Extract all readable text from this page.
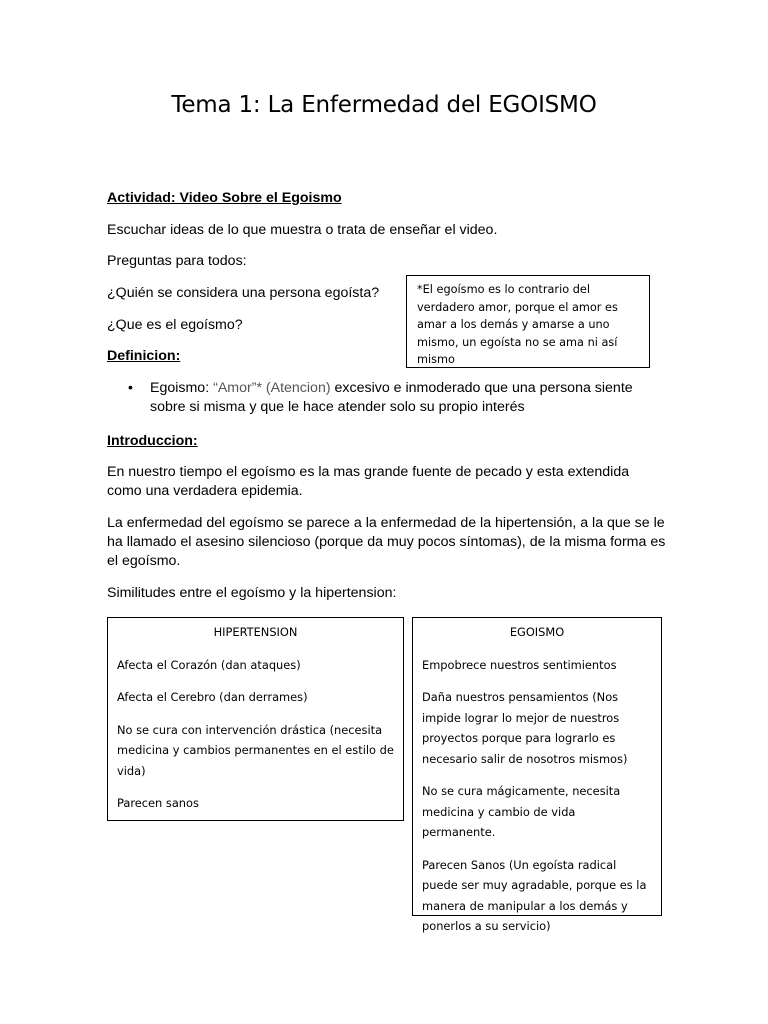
Tema 1: La Enfermedad del EGOISMO
Actividad: Video Sobre el Egoismo
Escuchar ideas de lo que muestra o trata de enseñar el video.
Preguntas para todos:
¿Quién se considera una persona egoísta?
¿Que es el egoísmo?
Definicion:
*El egoísmo es lo contrario del verdadero amor, porque el amor es amar a los demás y amarse a uno mismo, un egoísta no se ama ni así mismo
• Egoismo: “Amor”* (Atencion) excesivo e inmoderado que una persona siente sobre si misma y que le hace atender solo su propio interés
Introduccion:
En nuestro tiempo el egoísmo es la mas grande fuente de pecado y esta extendida como una verdadera epidemia.
La enfermedad del egoísmo se parece a la enfermedad de la hipertensión, a la que se le ha llamado el asesino silencioso (porque da muy pocos síntomas), de la misma forma es el egoísmo.
Similitudes entre el egoísmo y la hipertension:
HIPERTENSION
Afecta el Corazón (dan ataques)
Afecta el Cerebro (dan derrames)
No se cura con intervención drástica (necesita medicina y cambios permanentes en el estilo de vida)
Parecen sanos
EGOISMO
Empobrece nuestros sentimientos
Daña nuestros pensamientos (Nos impide lograr lo mejor de nuestros proyectos porque para lograrlo es necesario salir de nosotros mismos)
No se cura mágicamente, necesita medicina y cambio de vida permanente.
Parecen Sanos (Un egoísta radical puede ser muy agradable, porque es la manera de manipular a los demás y ponerlos a su servicio)
